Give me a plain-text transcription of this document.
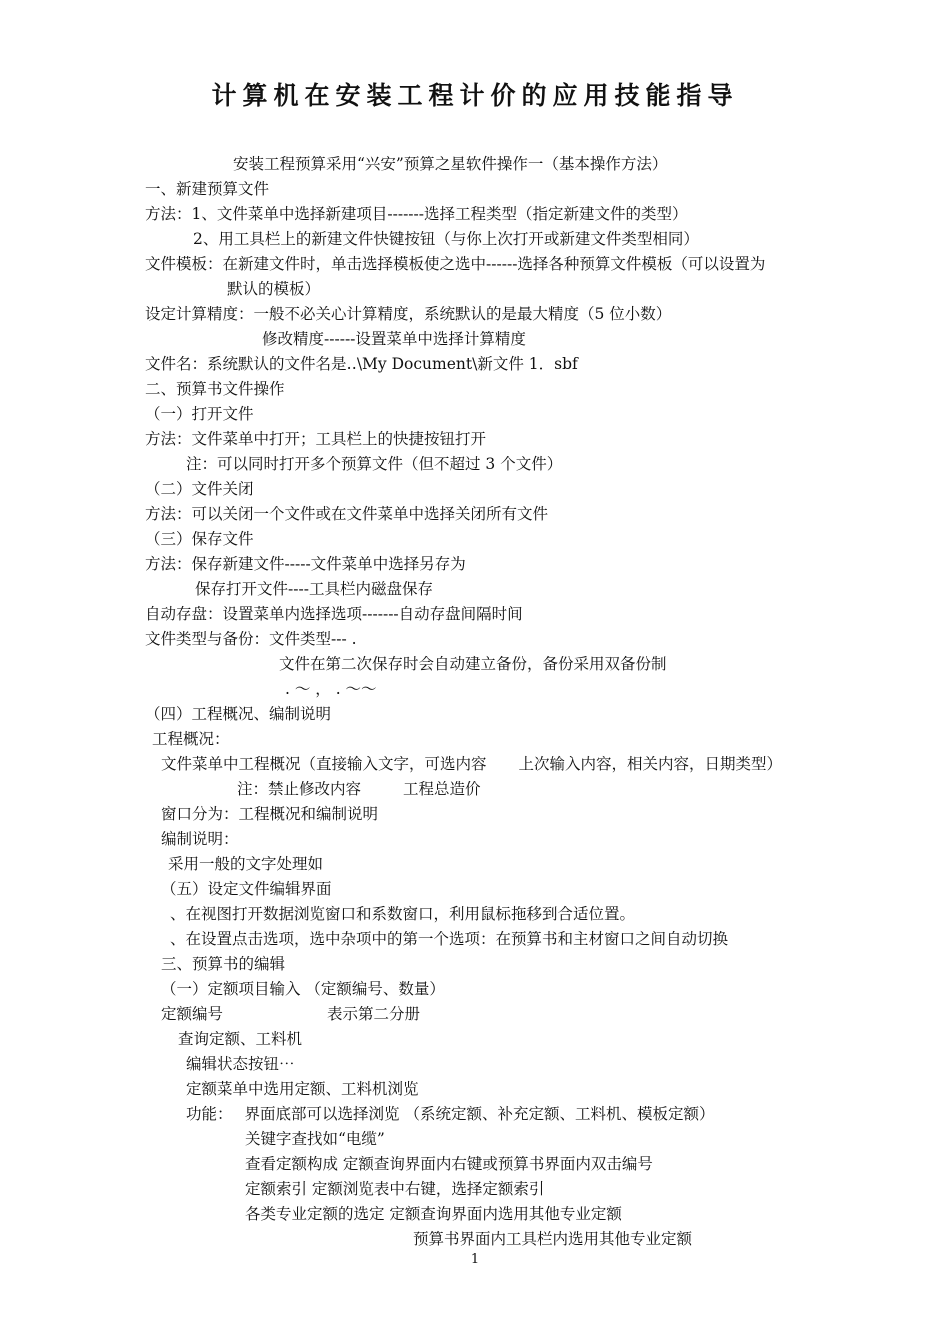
计算机在安装工程计价的应用技能指导
安装工程预算采用“兴安”预算之星软件操作一（基本操作方法）
一、新建预算文件
方法：1、文件菜单中选择新建项目-------选择工程类型（指定新建文件的类型）
2、用工具栏上的新建文件快键按钮（与你上次打开或新建文件类型相同）
文件模板：在新建文件时，单击选择模板使之选中------选择各种预算文件模板（可以设置为
默认的模板）
设定计算精度：一般不必关心计算精度，系统默认的是最大精度（5 位小数）
修改精度------设置菜单中选择计算精度
文件名：系统默认的文件名是‥\My Document\新文件 1．sbf
二、预算书文件操作
（一）打开文件
方法：文件菜单中打开；工具栏上的快捷按钮打开
注：可以同时打开多个预算文件（但不超过 3 个文件）
（二）文件关闭
方法：可以关闭一个文件或在文件菜单中选择关闭所有文件
（三）保存文件
方法：保存新建文件-----文件菜单中选择另存为
保存打开文件----工具栏内磁盘保存
自动存盘：设置菜单内选择选项-------自动存盘间隔时间
文件类型与备份：文件类型--- .
文件在第二次保存时会自动建立备份，备份采用双备份制
. ～ ， . ～～
（四）工程概况、编制说明
工程概况：
文件菜单中工程概况（直接输入文字，可选内容 上次输入内容，相关内容，日期类型）
注：禁止修改内容	工程总造价
窗口分为：工程概况和编制说明
编制说明：
采用一般的文字处理如
（五）设定文件编辑界面
、在视图打开数据浏览窗口和系数窗口，利用鼠标拖移到合适位置。
、在设置点击选项，选中杂项中的第一个选项：在预算书和主材窗口之间自动切换
三、预算书的编辑
（一）定额项目输入 （定额编号、数量）
定额编号	表示第二分册
查询定额、工料机
编辑状态按钮⋯
定额菜单中选用定额、工料机浏览
功能： 界面底部可以选择浏览 （系统定额、补充定额、工料机、模板定额）
关键字查找如“电缆”
查看定额构成 定额查询界面内右键或预算书界面内双击编号
定额索引 定额浏览表中右键，选择定额索引
各类专业定额的选定 定额查询界面内选用其他专业定额
预算书界面内工具栏内选用其他专业定额
1
